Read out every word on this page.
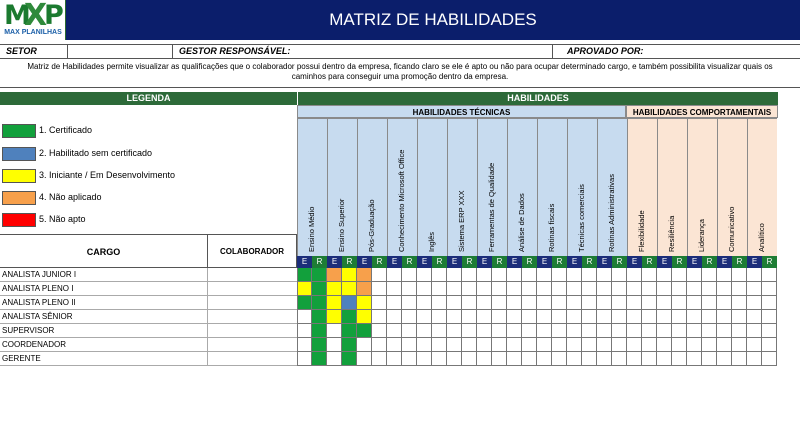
M
X
P
MAX PLANILHAS
MATRIZ DE HABILIDADES
SETOR	GESTOR RESPONSÁVEL:	APROVADO POR:
Matriz de Habilidades permite visualizar as qualificações que o colaborador possui dentro da empresa, ficando claro se ele é apto ou não para ocupar determinado cargo, e também possibilita visualizar quais os caminhos para conseguir uma promoção dentro da empresa.
LEGENDA	HABILIDADES
HABILIDADES TÉCNICAS	HABILIDADES COMPORTAMENTAIS
1. Certificado
2. Habilitado sem certificado
3. Iniciante / Em Desenvolvimento
4. Não aplicado
5. Não apto
CARGO	COLABORADOR	Ensino Médio	Ensino Superior	Pós-Graduação	Conhecimento Microsoft Office	Inglês	Sistema ERP XXX	Ferramentas de Qualidade	Análise de Dados	Rotinas fiscais	Técnicas comerciais	Rotinas Administrativas	Flexibilidade	Resiliência	Liderança	Comunicativo	Analítico
E	R	E	R	E	R	E	R	E	R	E	R	E	R	E	R	E	R	E	R	E	R	E	R	E	R	E	R	E	R	E	R
ANALISTA JUNIOR I
ANALISTA PLENO I
ANALISTA PLENO II
ANALISTA SÊNIOR
SUPERVISOR
COORDENADOR
GERENTE
